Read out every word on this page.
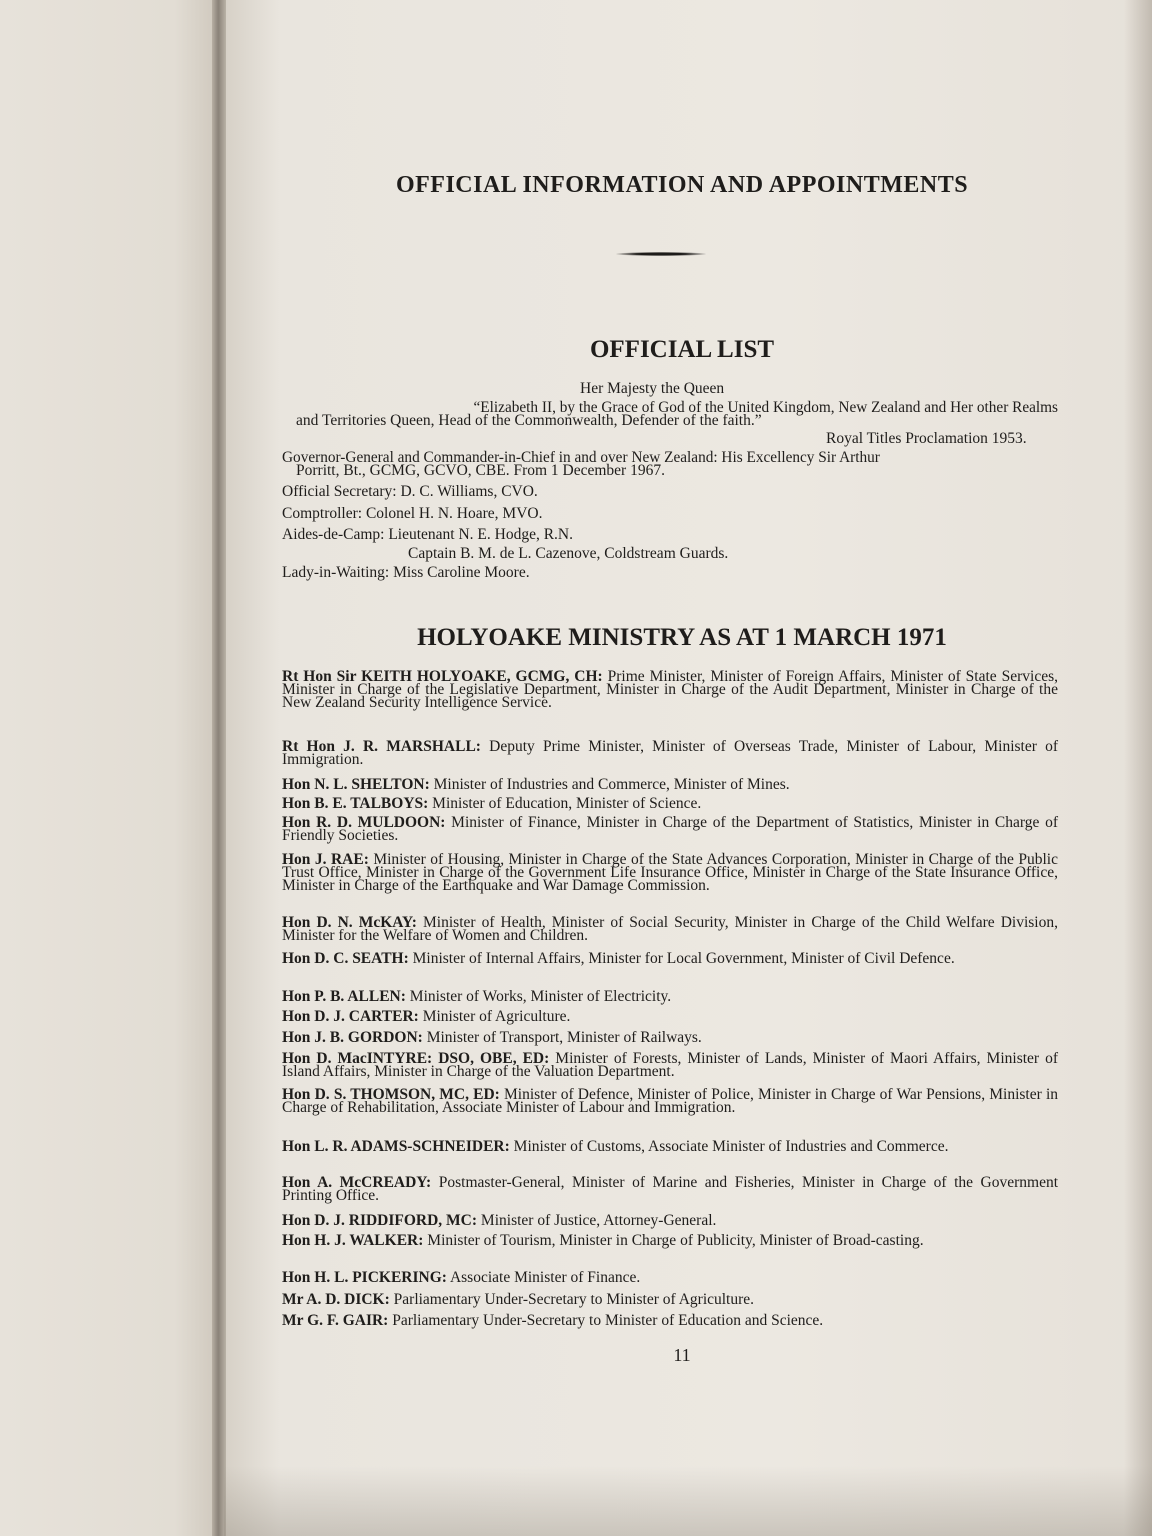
OFFICIAL INFORMATION AND APPOINTMENTS
OFFICIAL LIST

Her Majesty the Queen

“Elizabeth II, by the Grace of God of the United Kingdom, New Zealand and Her other Realms

and Territories Queen, Head of the Commonwealth, Defender of the faith.”

Royal Titles Proclamation 1953.

Governor-General and Commander-in-Chief in and over New Zealand: His Excellency Sir Arthur

Porritt, Bt., GCMG, GCVO, CBE. From 1 December 1967.

Official Secretary: D. C. Williams, CVO.

Comptroller: Colonel H. N. Hoare, MVO.

Aides-de-Camp: Lieutenant N. E. Hodge, R.N.

Captain B. M. de L. Cazenove, Coldstream Guards.

Lady-in-Waiting: Miss Caroline Moore.

HOLYOAKE MINISTRY AS AT 1 MARCH 1971

Rt Hon Sir KEITH HOLYOAKE, GCMG, CH: Prime Minister, Minister of Foreign Affairs, Minister of State Services, Minister in Charge of the Legislative Department, Minister in Charge of the Audit Department, Minister in Charge of the New Zealand Security Intelligence Service.

Rt Hon J. R. MARSHALL: Deputy Prime Minister, Minister of Overseas Trade, Minister of Labour, Minister of Immigration.

Hon N. L. SHELTON: Minister of Industries and Commerce, Minister of Mines.

Hon B. E. TALBOYS: Minister of Education, Minister of Science.

Hon R. D. MULDOON: Minister of Finance, Minister in Charge of the Department of Statistics, Minister in Charge of Friendly Societies.

Hon J. RAE: Minister of Housing, Minister in Charge of the State Advances Corporation, Minister in Charge of the Public Trust Office, Minister in Charge of the Government Life Insurance Office, Minister in Charge of the State Insurance Office, Minister in Charge of the Earthquake and War Damage Commission.

Hon D. N. McKAY: Minister of Health, Minister of Social Security, Minister in Charge of the Child Welfare Division, Minister for the Welfare of Women and Children.

Hon D. C. SEATH: Minister of Internal Affairs, Minister for Local Government, Minister of Civil Defence.

Hon P. B. ALLEN: Minister of Works, Minister of Electricity.

Hon D. J. CARTER: Minister of Agriculture.

Hon J. B. GORDON: Minister of Transport, Minister of Railways.

Hon D. MacINTYRE: DSO, OBE, ED: Minister of Forests, Minister of Lands, Minister of Maori Affairs, Minister of Island Affairs, Minister in Charge of the Valuation Department.

Hon D. S. THOMSON, MC, ED: Minister of Defence, Minister of Police, Minister in Charge of War Pensions, Minister in Charge of Rehabilitation, Associate Minister of Labour and Immigration.

Hon L. R. ADAMS-SCHNEIDER: Minister of Customs, Associate Minister of Industries and Commerce.

Hon A. McCREADY: Postmaster-General, Minister of Marine and Fisheries, Minister in Charge of the Government Printing Office.

Hon D. J. RIDDIFORD, MC: Minister of Justice, Attorney-General.

Hon H. J. WALKER: Minister of Tourism, Minister in Charge of Publicity, Minister of Broad-casting.

Hon H. L. PICKERING: Associate Minister of Finance.

Mr A. D. DICK: Parliamentary Under-Secretary to Minister of Agriculture.

Mr G. F. GAIR: Parliamentary Under-Secretary to Minister of Education and Science.

11
